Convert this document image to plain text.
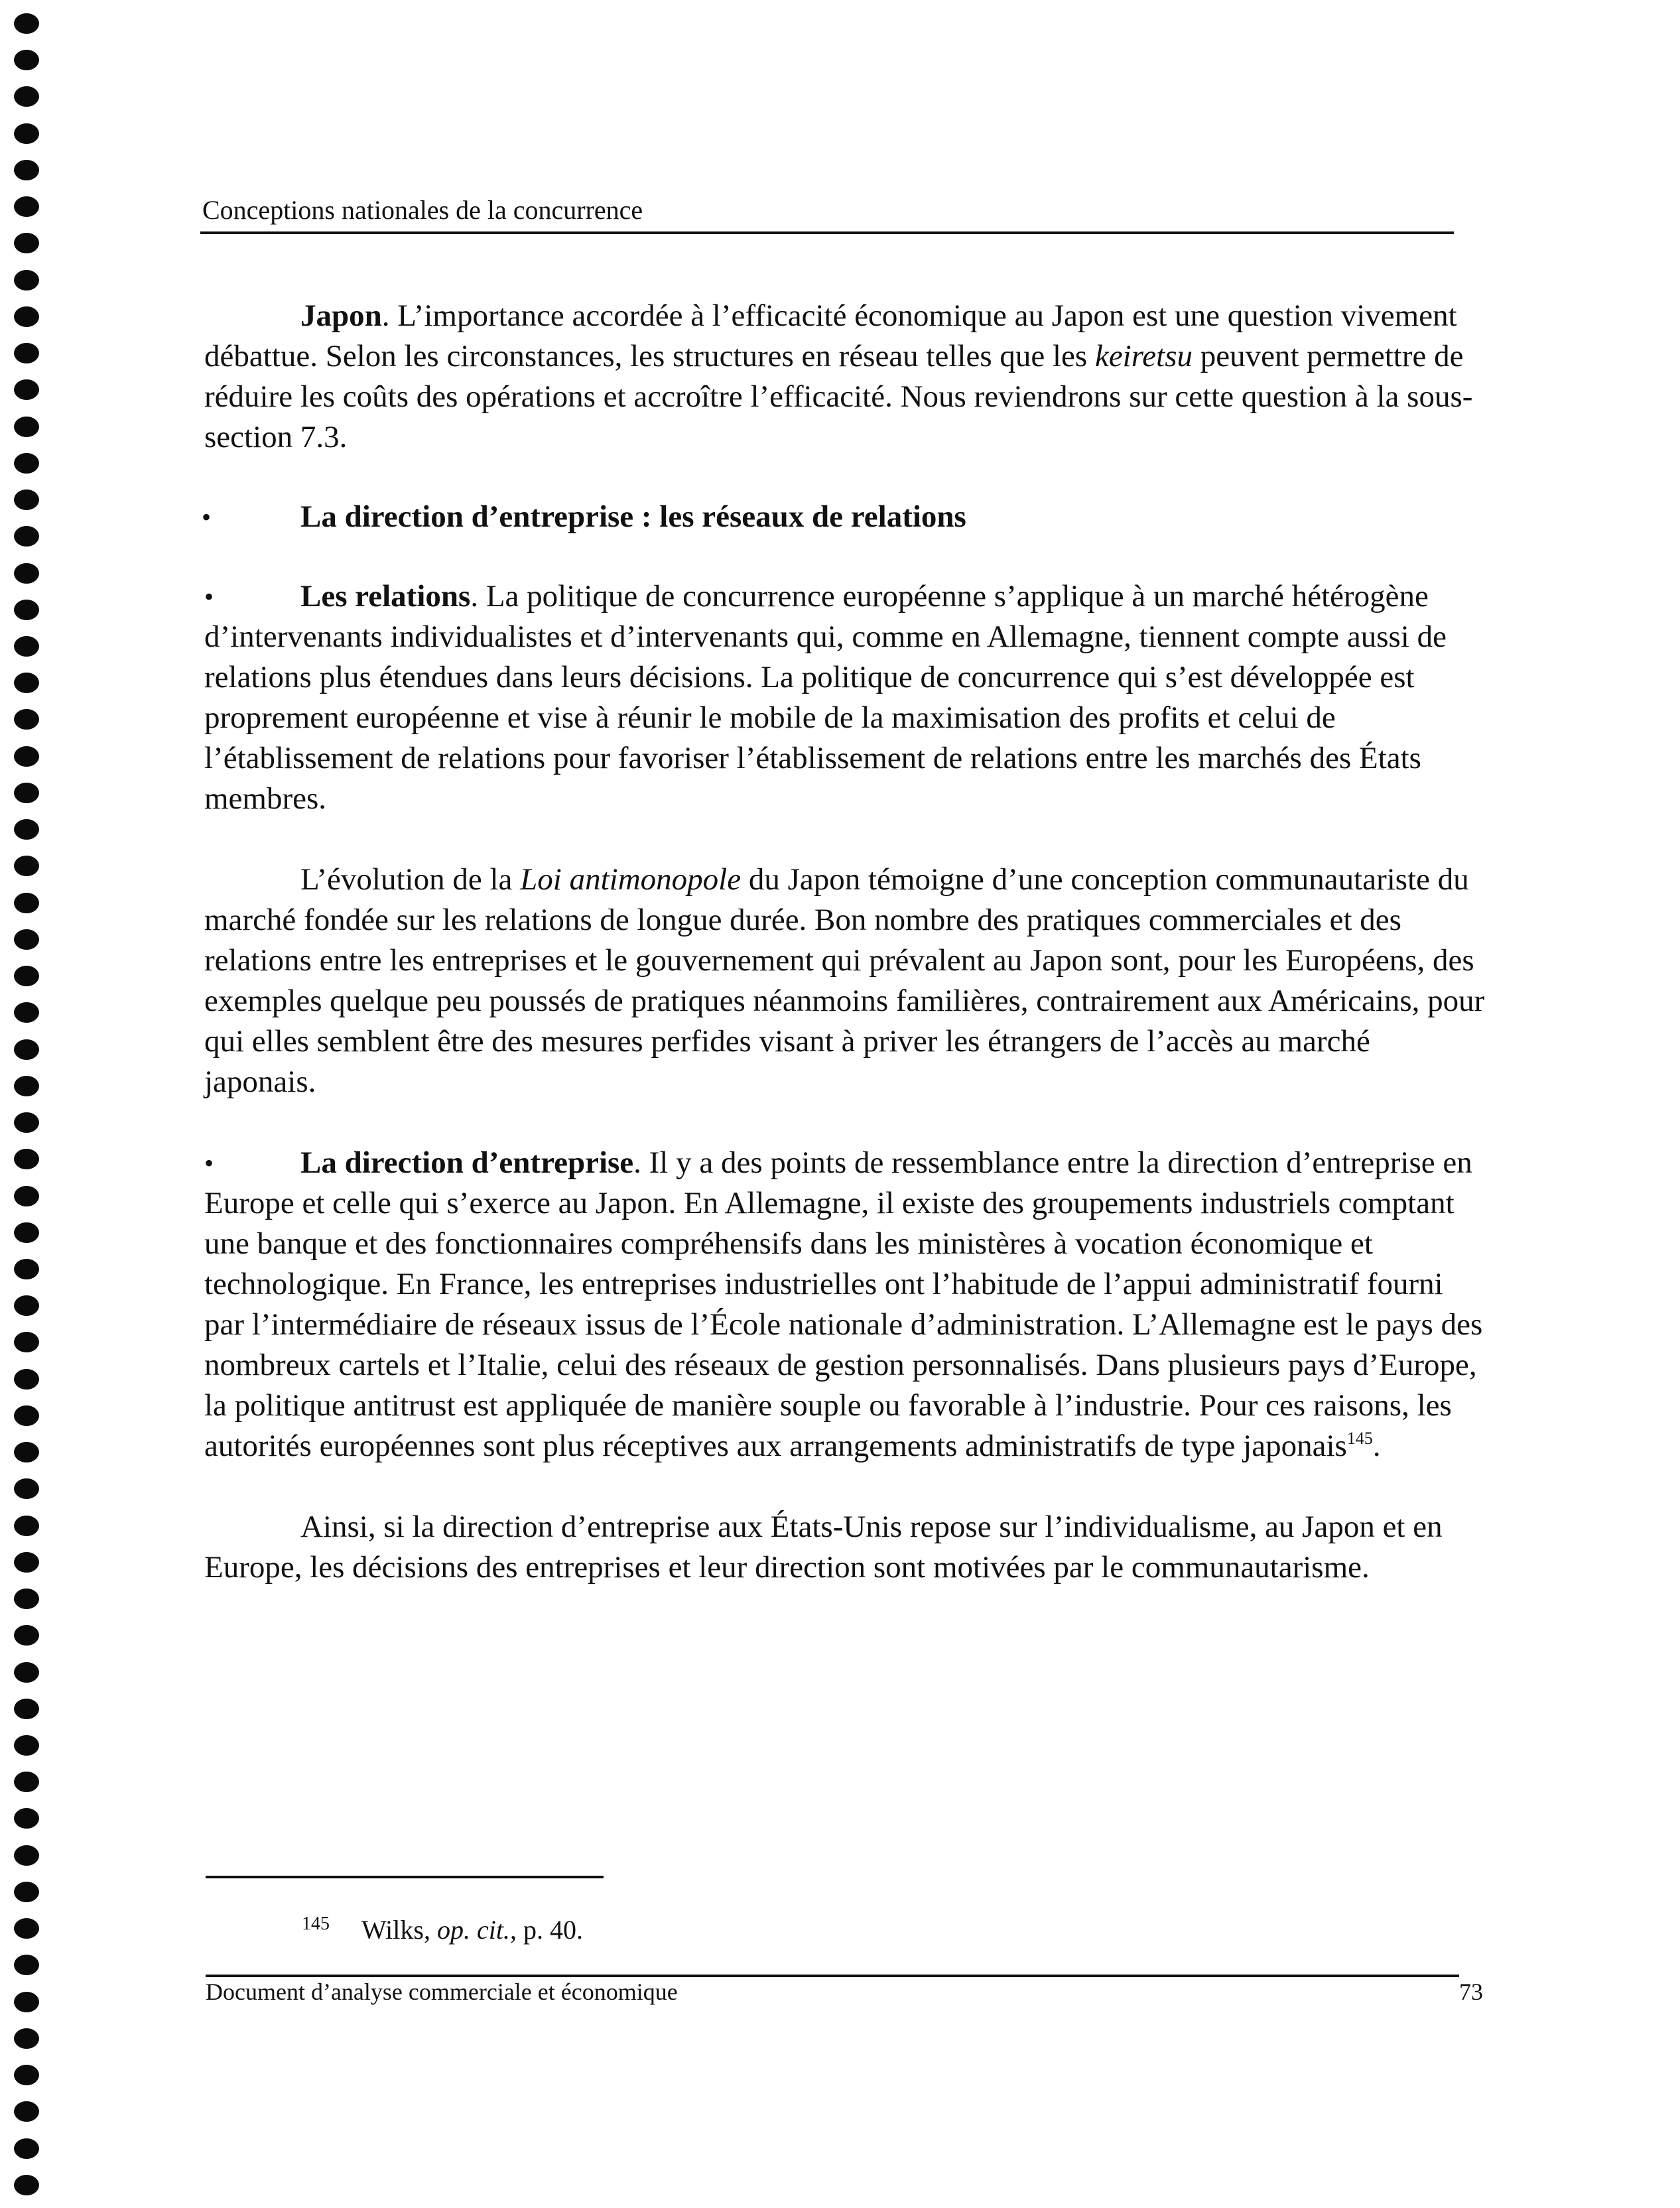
Conceptions nationales de la concurrence

Japon. L’importance accordée à l’efficacité économique au Japon est une question vivement débattue. Selon les circonstances, les structures en réseau telles que les keiretsu peuvent permettre de réduire les coûts des opérations et accroître l’efficacité. Nous reviendrons sur cette question à la sous-section 7.3.

•	La direction d’entreprise : les réseaux de relations

•	Les relations. La politique de concurrence européenne s’applique à un marché hétérogène d’intervenants individualistes et d’intervenants qui, comme en Allemagne, tiennent compte aussi de relations plus étendues dans leurs décisions. La politique de concurrence qui s’est développée est proprement européenne et vise à réunir le mobile de la maximisation des profits et celui de l’établissement de relations pour favoriser l’établissement de relations entre les marchés des États membres.

L’évolution de la Loi antimonopole du Japon témoigne d’une conception communautariste du marché fondée sur les relations de longue durée. Bon nombre des pratiques commerciales et des relations entre les entreprises et le gouvernement qui prévalent au Japon sont, pour les Européens, des exemples quelque peu poussés de pratiques néanmoins familières, contrairement aux Américains, pour qui elles semblent être des mesures perfides visant à priver les étrangers de l’accès au marché japonais.

•	La direction d’entreprise. Il y a des points de ressemblance entre la direction d’entreprise en Europe et celle qui s’exerce au Japon. En Allemagne, il existe des groupements industriels comptant une banque et des fonctionnaires compréhensifs dans les ministères à vocation économique et technologique. En France, les entreprises industrielles ont l’habitude de l’appui administratif fourni par l’intermédiaire de réseaux issus de l’École nationale d’administration. L’Allemagne est le pays des nombreux cartels et l’Italie, celui des réseaux de gestion personnalisés. Dans plusieurs pays d’Europe, la politique antitrust est appliquée de manière souple ou favorable à l’industrie. Pour ces raisons, les autorités européennes sont plus réceptives aux arrangements administratifs de type japonais$^{145}$.

Ainsi, si la direction d’entreprise aux États-Unis repose sur l’individualisme, au Japon et en Europe, les décisions des entreprises et leur direction sont motivées par le communautarisme.

$^{145}$ Wilks, op. cit., p. 40.
Document d’analyse commerciale et économique	73
